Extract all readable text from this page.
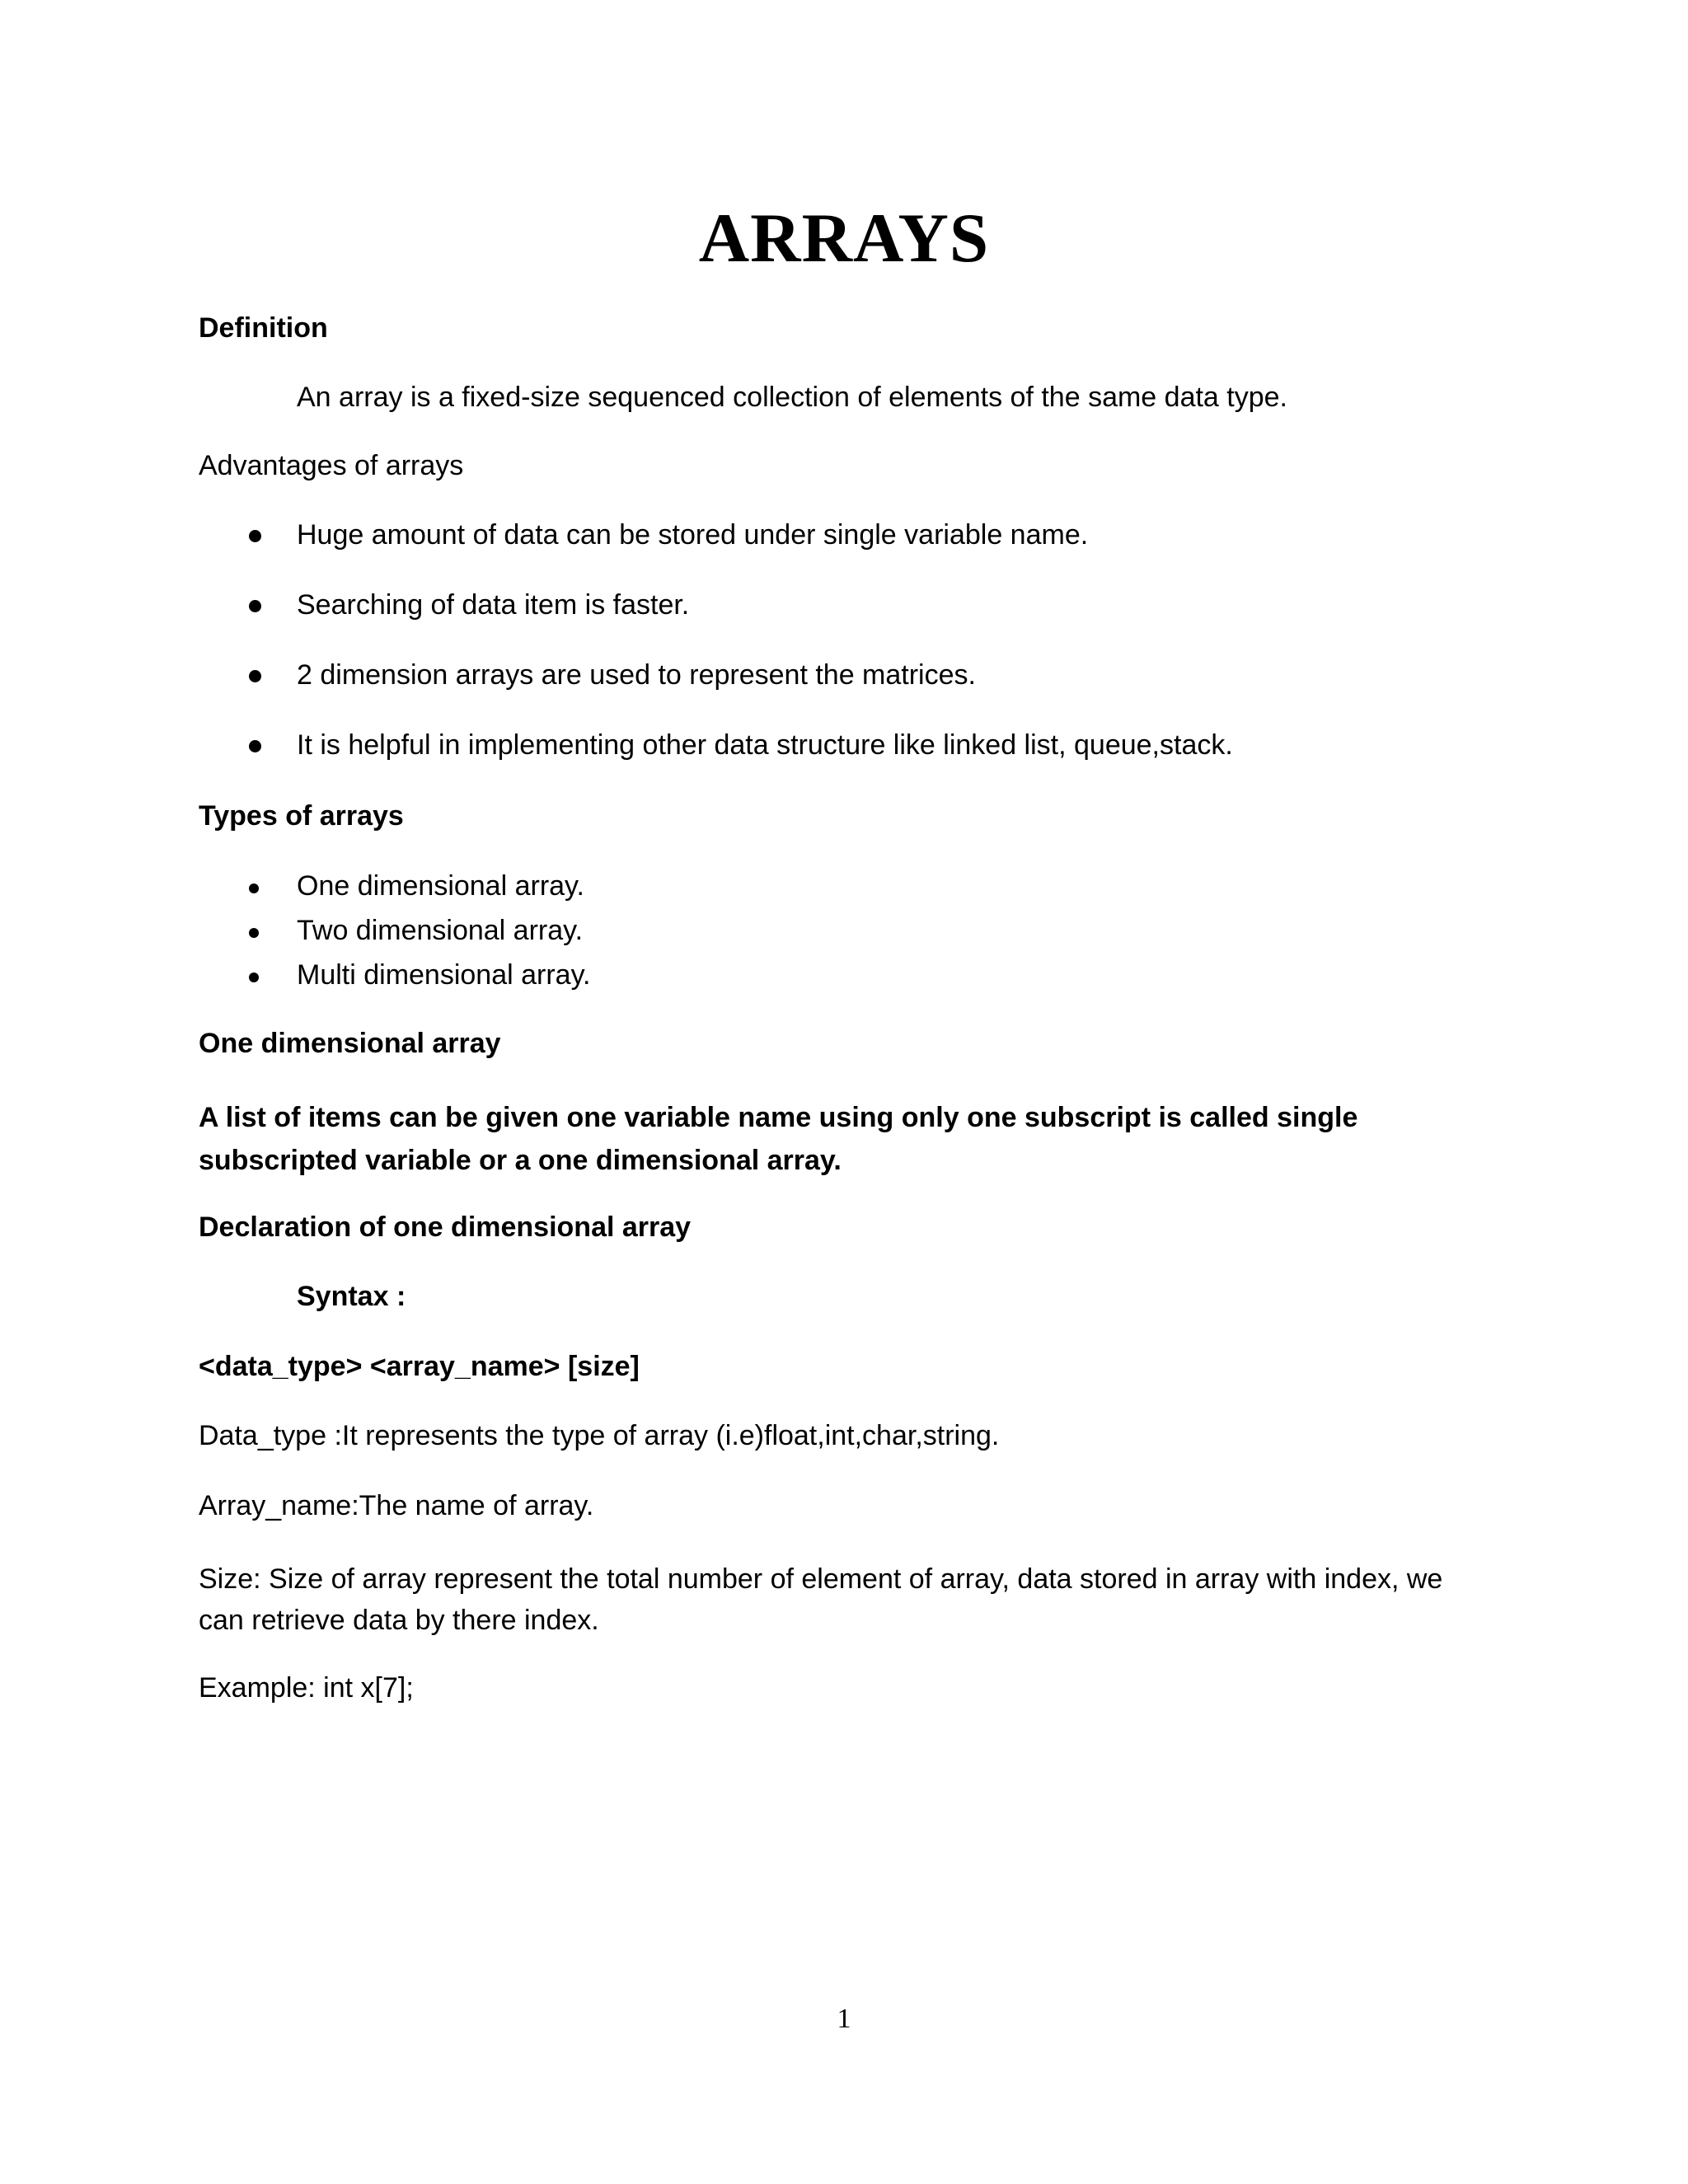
ARRAYS
Definition
An array is a fixed-size sequenced collection of elements of the same data type.
Advantages of arrays
Huge amount of data can be stored under single variable name.
Searching of data item is faster.
2 dimension arrays are used to represent the matrices.
It is helpful in implementing other data structure like linked list, queue,stack.
Types of arrays
One dimensional array.
Two dimensional array.
Multi dimensional array.
One dimensional array
A list of items can be given one variable name using only one subscript is called single subscripted variable or a one dimensional array.
Declaration of one dimensional array
Syntax :
<data_type> <array_name> [size]
Data_type :It represents the type of array (i.e)float,int,char,string.
Array_name:The name of array.
Size: Size of array represent the total number of element of array, data stored in array with index, we can retrieve data by there index.
Example: int x[7];
1
